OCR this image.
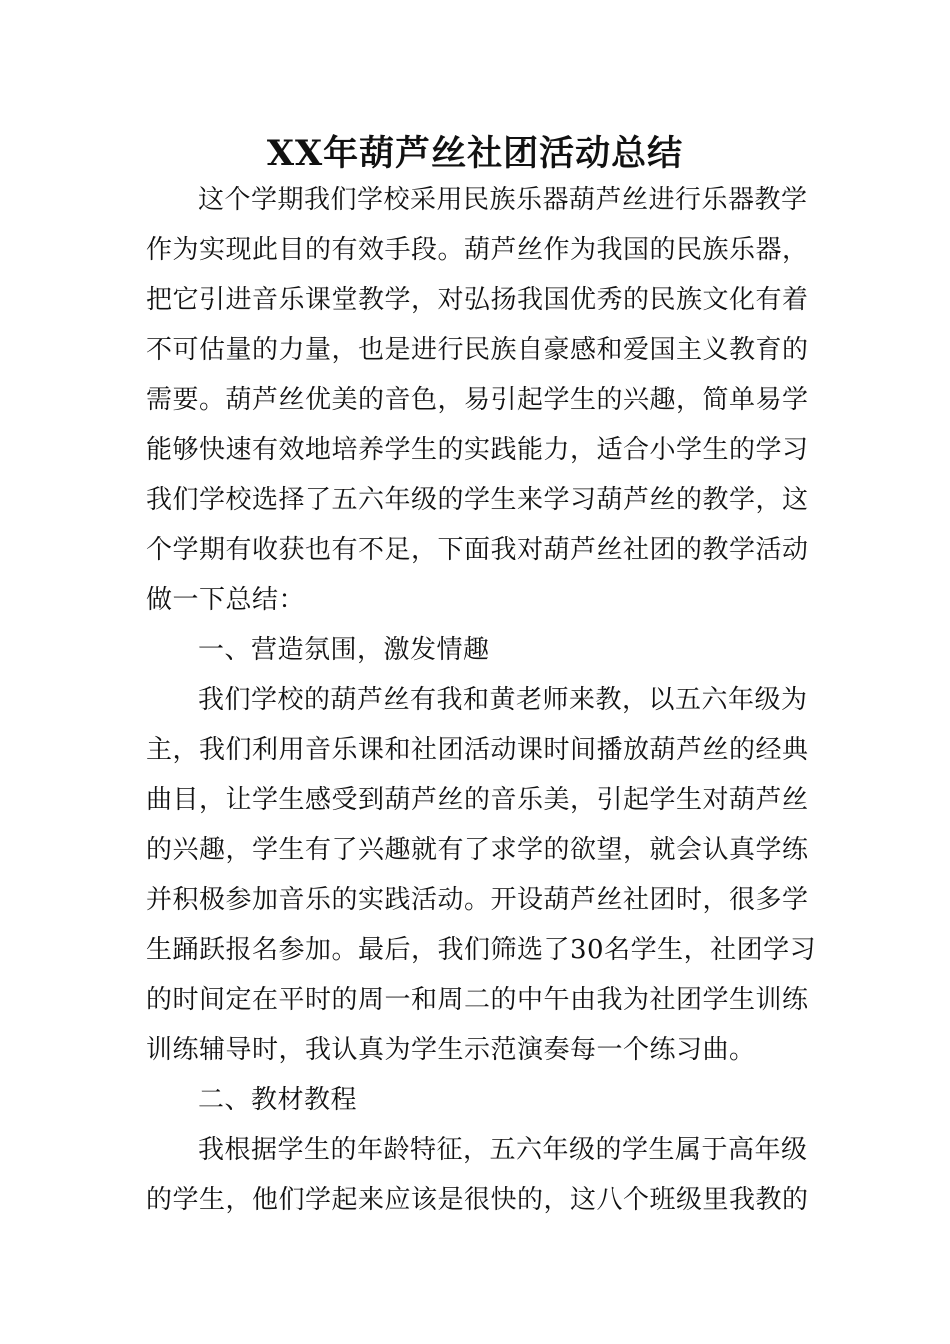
XX年葫芦丝社团活动总结
这个学期我们学校采用民族乐器葫芦丝进行乐器教学
作为实现此目的有效手段。葫芦丝作为我国的民族乐器，
把它引进音乐课堂教学，对弘扬我国优秀的民族文化有着
不可估量的力量，也是进行民族自豪感和爱国主义教育的
需要。葫芦丝优美的音色，易引起学生的兴趣，简单易学
能够快速有效地培养学生的实践能力，适合小学生的学习
我们学校选择了五六年级的学生来学习葫芦丝的教学，这
个学期有收获也有不足，下面我对葫芦丝社团的教学活动
做一下总结：
一、营造氛围，激发情趣
我们学校的葫芦丝有我和黄老师来教，以五六年级为
主，我们利用音乐课和社团活动课时间播放葫芦丝的经典
曲目，让学生感受到葫芦丝的音乐美，引起学生对葫芦丝
的兴趣，学生有了兴趣就有了求学的欲望，就会认真学练
并积极参加音乐的实践活动。开设葫芦丝社团时，很多学
生踊跃报名参加。最后，我们筛选了30名学生，社团学习
的时间定在平时的周一和周二的中午由我为社团学生训练
训练辅导时，我认真为学生示范演奏每一个练习曲。
二、教材教程
我根据学生的年龄特征，五六年级的学生属于高年级
的学生，他们学起来应该是很快的，这八个班级里我教的
